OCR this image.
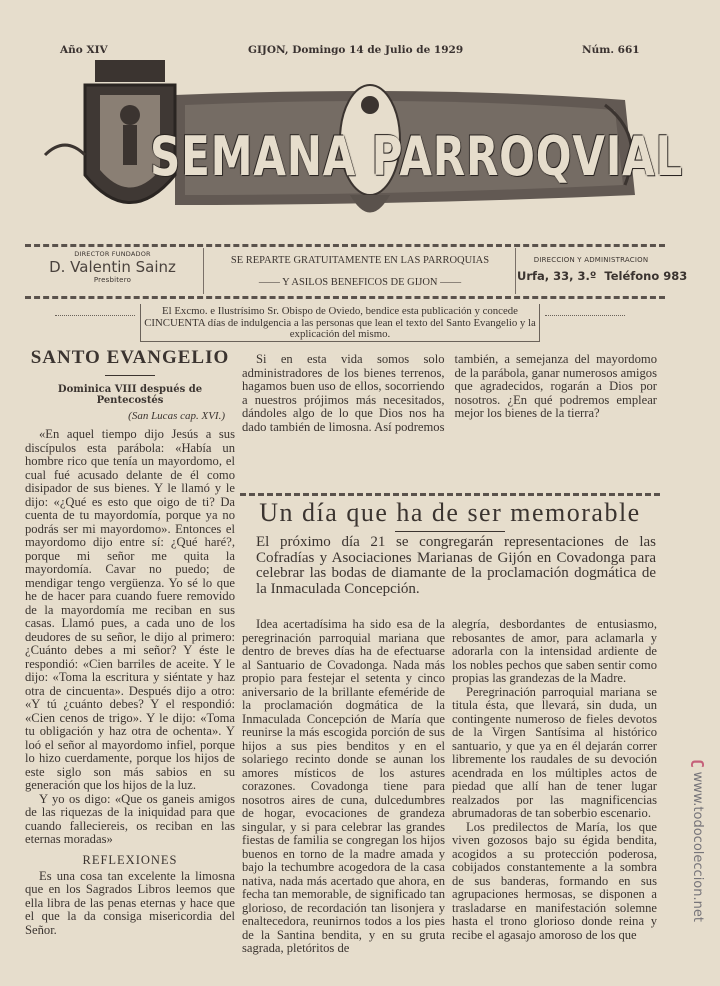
Año XIV	GIJON, Domingo 14 de Julio de 1929	Núm. 661
SEMANA PARROQVIAL
DIRECTOR FUNDADOR
D. Valentin Sainz
Presbitero
SE REPARTE GRATUITAMENTE EN LAS PARROQUIAS
—— Y ASILOS BENEFICOS DE GIJON ——
DIRECCION Y ADMINISTRACION
Urfa, 33, 3.º Teléfono 983
El Excmo. e Ilustrísimo Sr. Obispo de Oviedo, bendice esta publicación y concede CINCUENTA días de indulgencia a las personas que lean el texto del Santo Evangelio y la explicación del mismo.
SANTO EVANGELIO
Dominica VIII después de Pentecostés
(San Lucas cap. XVI.)

«En aquel tiempo dijo Jesús a sus discípulos esta parábola: «Había un hombre rico que tenía un mayordomo, el cual fué acusado delante de él como disipador de sus bienes. Y le llamó y le dijo: «¿Qué es esto que oigo de ti? Da cuenta de tu mayordomía, porque ya no podrás ser mi mayordomo». Entonces el mayordomo dijo entre sí: ¿Qué haré?, porque mi señor me quita la mayordomía. Cavar no puedo; de mendigar tengo vergüenza. Yo sé lo que he de hacer para cuando fuere removido de la mayordomía me reciban en sus casas. Llamó pues, a cada uno de los deudores de su señor, le dijo al primero: ¿Cuánto debes a mi señor? Y éste le respondió: «Cien barriles de aceite. Y le dijo: «Toma la escritura y siéntate y haz otra de cincuenta». Después dijo a otro: «Y tú ¿cuánto debes? Y el respondió: «Cien cenos de trigo». Y le dijo: «Toma tu obligación y haz otra de ochenta». Y loó el señor al mayordomo infiel, porque lo hizo cuerdamente, porque los hijos de este siglo son más sabios en su generación que los hijos de la luz.

Y yo os digo: «Que os ganeis amigos de las riquezas de la iniquidad para que cuando falleciereis, os reciban en las eternas moradas»

REFLEXIONES

Es una cosa tan excelente la limosna que en los Sagrados Libros leemos que ella libra de las penas eternas y hace que el que la da consiga misericordia del Señor.

Si en esta vida somos solo administradores de los bienes terrenos, hagamos buen uso de ellos, socorriendo a nuestros prójimos más necesitados, dándoles algo de lo que Dios nos ha dado también de limosna. Así podremos también, a semejanza del mayordomo de la parábola, ganar numerosos amigos que agradecidos, rogarán a Dios por nosotros. ¿En qué podremos emplear mejor los bienes de la tierra?

Un día que ha de ser memorable
El próximo día 21 se congregarán representaciones de las Cofradías y Asociaciones Marianas de Gijón en Covadonga para celebrar las bodas de diamante de la proclamación dogmática de la Inmaculada Concepción.

Idea acertadísima ha sido esa de la peregrinación parroquial mariana que dentro de breves días ha de efectuarse al Santuario de Covadonga. Nada más propio para festejar el setenta y cinco aniversario de la brillante efeméride de la proclamación dogmática de la Inmaculada Concepción de María que reunirse la más escogida porción de sus hijos a sus pies benditos y en el solariego recinto donde se aunan los amores místicos de los astures corazones. Covadonga tiene para nosotros aires de cuna, dulcedumbres de hogar, evocaciones de grandeza singular, y si para celebrar las grandes fiestas de familia se congregan los hijos buenos en torno de la madre amada y bajo la techumbre acogedora de la casa nativa, nada más acertado que ahora, en fecha tan memorable, de significado tan glorioso, de recordación tan lisonjera y enaltecedora, reunirnos todos a los pies de la Santina bendita, y en su gruta sagrada, pletóritos de

alegría, desbordantes de entusiasmo, rebosantes de amor, para aclamarla y adorarla con la intensidad ardiente de los nobles pechos que saben sentir como propias las grandezas de la Madre.

Peregrinación parroquial mariana se titula ésta, que llevará, sin duda, un contingente numeroso de fieles devotos de la Virgen Santísima al histórico santuario, y que ya en él dejarán correr libremente los raudales de su devoción acendrada en los múltiples actos de piedad que allí han de tener lugar realzados por las magnificencias abrumadoras de tan soberbio escenario.

Los predilectos de María, los que viven gozosos bajo su égida bendita, acogidos a su protección poderosa, cobijados constantemente a la sombra de sus banderas, formando en sus agrupaciones hermosas, se disponen a trasladarse en manifestación solemne hasta el trono glorioso donde reina y recibe el agasajo amoroso de los que

ʗ www.todocoleccion.net
